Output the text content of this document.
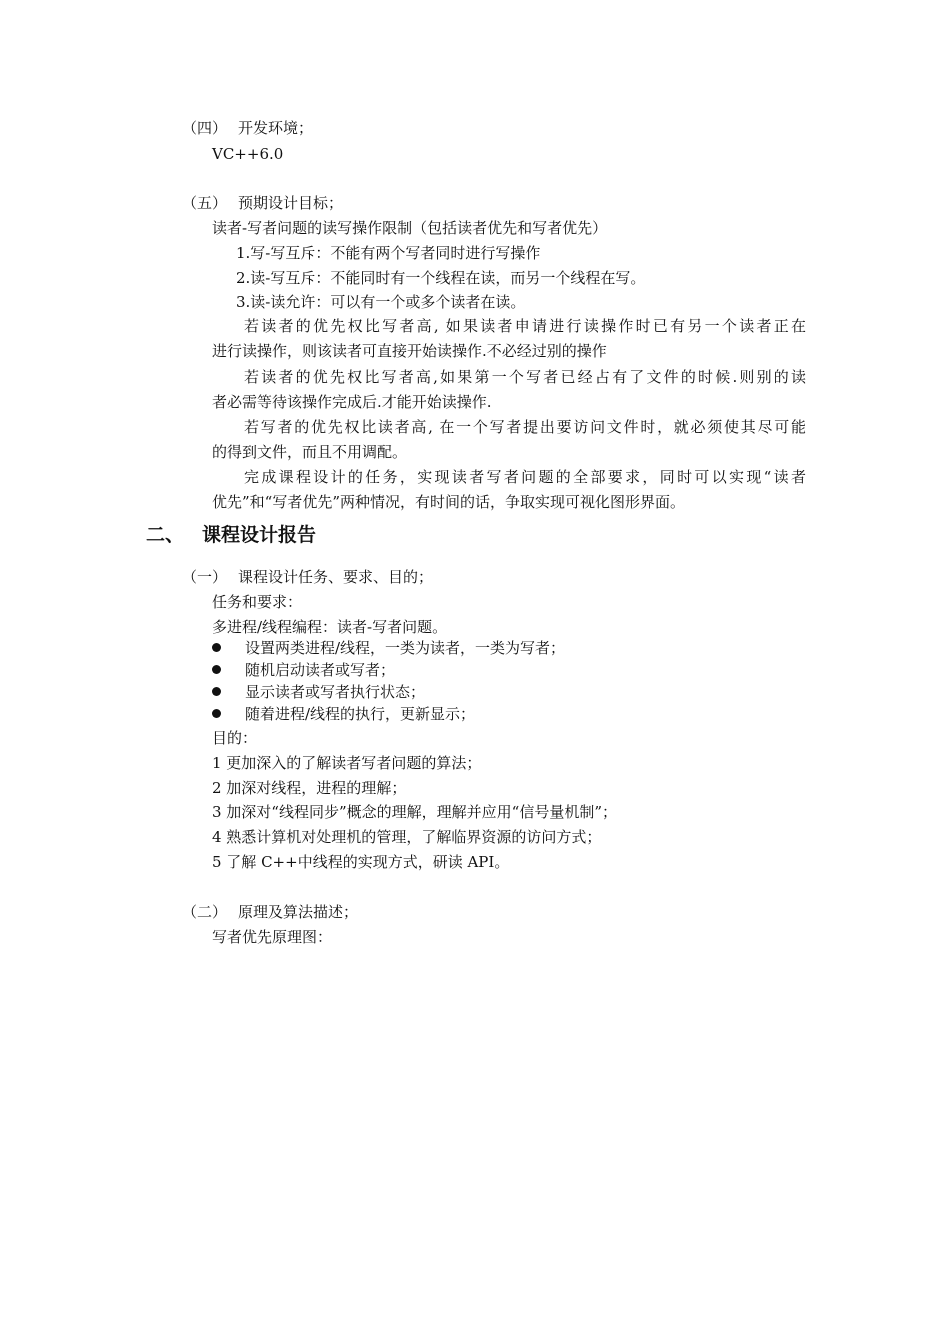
（四） 开发环境；
VC++6.0
（五） 预期设计目标；
读者-写者问题的读写操作限制（包括读者优先和写者优先）
1.写-写互斥：不能有两个写者同时进行写操作
2.读-写互斥：不能同时有一个线程在读，而另一个线程在写。
3.读-读允许：可以有一个或多个读者在读。
若读者的优先权比写者高, 如果读者申请进行读操作时已有另一个读者正在
进行读操作，则该读者可直接开始读操作.不必经过别的操作
若读者的优先权比写者高,如果第一个写者已经占有了文件的时候.则别的读
者必需等待该操作完成后.才能开始读操作.
若写者的优先权比读者高, 在一个写者提出要访问文件时，就必须使其尽可能
的得到文件，而且不用调配。
完成课程设计的任务，实现读者写者问题的全部要求，同时可以实现“读者
优先”和“写者优先”两种情况，有时间的话，争取实现可视化图形界面。
二、 课程设计报告
（一） 课程设计任务、要求、目的；
任务和要求：
多进程/线程编程：读者-写者问题。
设置两类进程/线程，一类为读者，一类为写者；
随机启动读者或写者；
显示读者或写者执行状态；
随着进程/线程的执行，更新显示；
目的：
1 更加深入的了解读者写者问题的算法；
2 加深对线程，进程的理解；
3 加深对“线程同步”概念的理解，理解并应用“信号量机制”；
4 熟悉计算机对处理机的管理，了解临界资源的访问方式；
5 了解 C++中线程的实现方式，研读 API。
（二） 原理及算法描述；
写者优先原理图：
